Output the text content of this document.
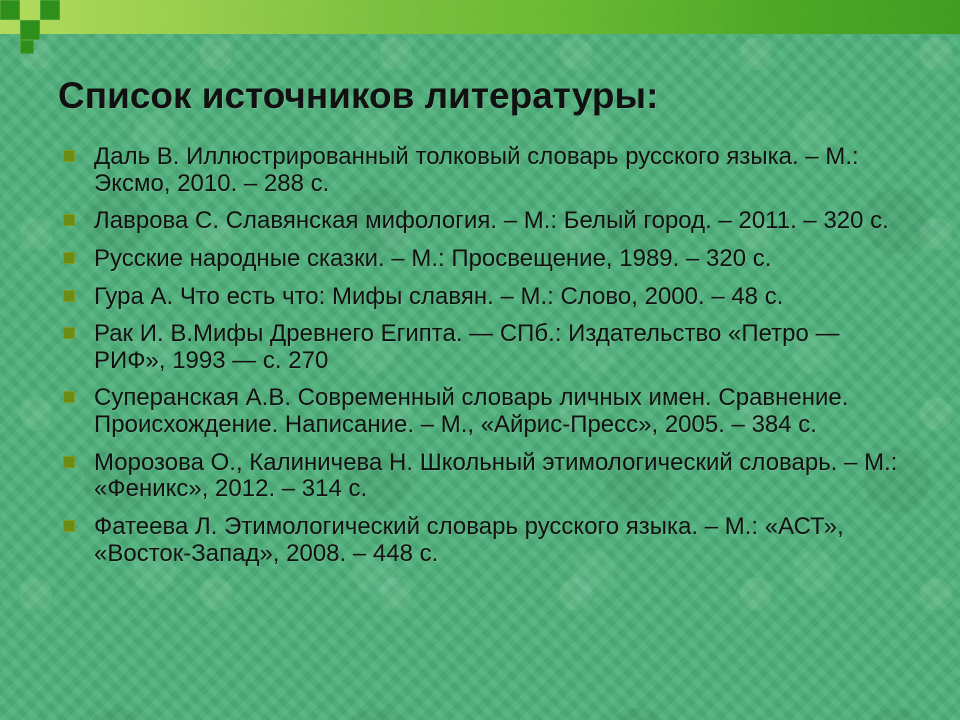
Список источников литературы:
Даль В. Иллюстрированный толковый словарь русского языка. – М.: Эксмо, 2010. – 288 с.
Лаврова С. Славянская мифология. – М.: Белый город. – 2011. – 320 с.
Русские народные сказки. – М.: Просвещение, 1989. – 320 с.
Гура А. Что есть что: Мифы славян. – М.: Слово, 2000. – 48 с.
Рак И. В.Мифы Древнего Египта. — СПб.: Издательство «Петро — РИФ», 1993 — с. 270
Суперанская А.В. Современный словарь личных имен. Сравнение. Происхождение. Написание. – М., «Айрис-Пресс», 2005. – 384 с.
Морозова О., Калиничева Н. Школьный этимологический словарь. – М.: «Феникс», 2012. – 314 с.
Фатеева Л. Этимологический словарь русского языка. – М.: «АСТ», «Восток-Запад», 2008. – 448 с.
